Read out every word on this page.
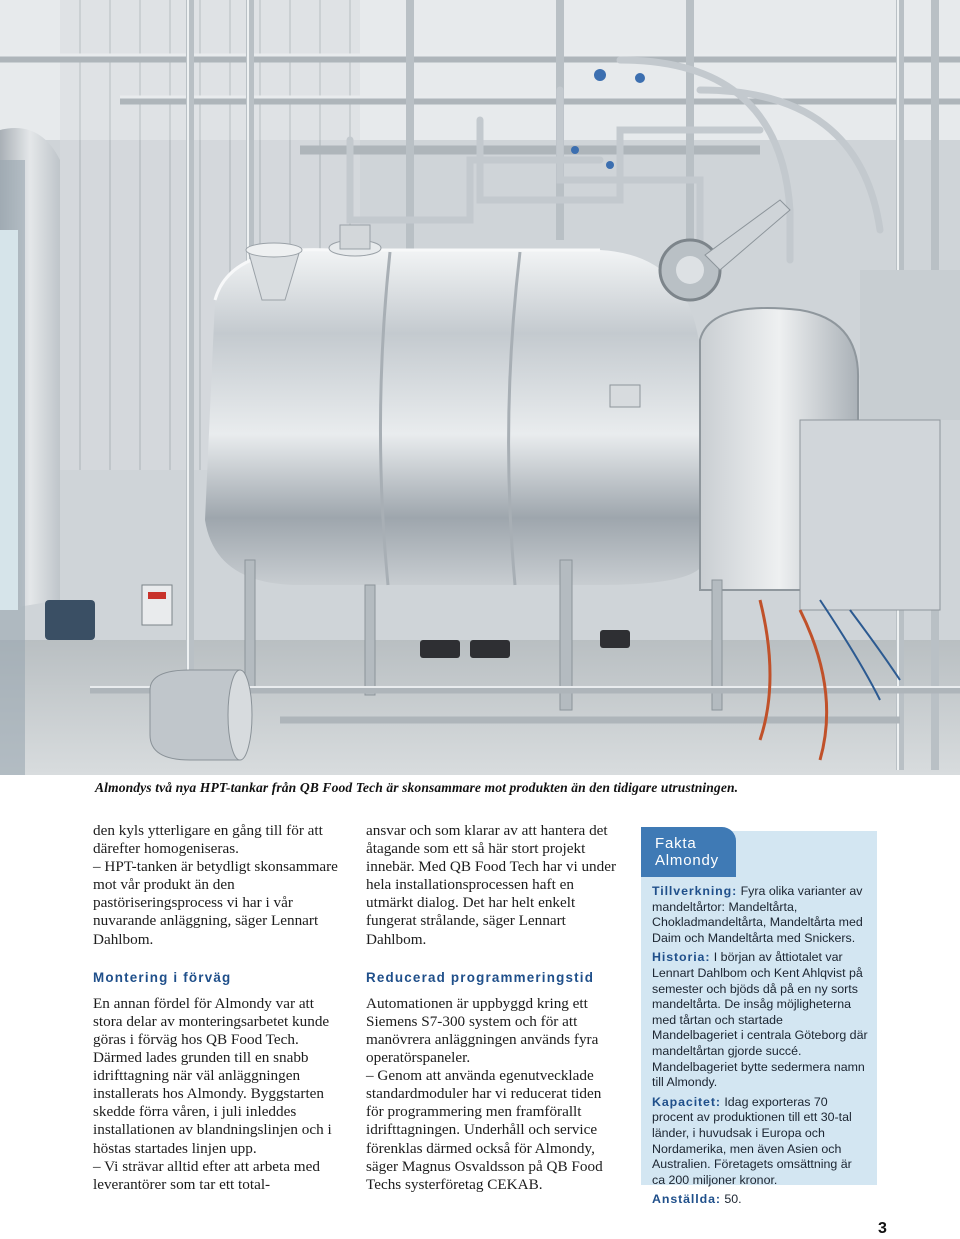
Almondys två nya HPT-tankar från QB Food Tech är skonsammare mot produkten än den tidigare utrustningen.

den kyls ytterligare en gång till för att därefter homogeniseras.

– HPT-tanken är betydligt skonsammare mot vår produkt än den pastöriseringsprocess vi har i vår nuvarande anläggning, säger Lennart Dahlbom.

Montering i förväg

En annan fördel för Almondy var att stora delar av monteringsarbetet kunde göras i förväg hos QB Food Tech. Därmed lades grunden till en snabb idrifttagning när väl anläggningen installerats hos Almondy. Byggstarten skedde förra våren, i juli inleddes installationen av blandningslinjen och i höstas startades linjen upp.

– Vi strävar alltid efter att arbeta med leverantörer som tar ett total-

ansvar och som klarar av att hantera det åtagande som ett så här stort projekt innebär. Med QB Food Tech har vi under hela installationsprocessen haft en utmärkt dialog. Det har helt enkelt fungerat strålande, säger Lennart Dahlbom.

Reducerad programmeringstid

Automationen är uppbyggd kring ett Siemens S7-300 system och för att manövrera anläggningen används fyra operatörspaneler.

– Genom att använda egenutvecklade standardmoduler har vi reducerat tiden för programmering men framförallt idrifttagningen. Underhåll och service förenklas därmed också för Almondy, säger Magnus Osvaldsson på QB Food Techs systerföretag CEKAB.

Fakta
Almondy

Tillverkning: Fyra olika varianter av mandeltårtor: Mandeltårta, Chokladmandeltårta, Mandeltårta med Daim och Mandeltårta med Snickers.

Historia: I början av åttiotalet var Lennart Dahlbom och Kent Ahlqvist på semester och bjöds då på en ny sorts mandeltårta. De insåg möjligheterna med tårtan och startade Mandelbageriet i centrala Göteborg där mandeltårtan gjorde succé. Mandelbageriet bytte sedermera namn till Almondy.

Kapacitet: Idag exporteras 70 procent av produktionen till ett 30-tal länder, i huvudsak i Europa och Nordamerika, men även Asien och Australien. Företagets omsättning är ca 200 miljoner kronor.

Anställda: 50.

3
